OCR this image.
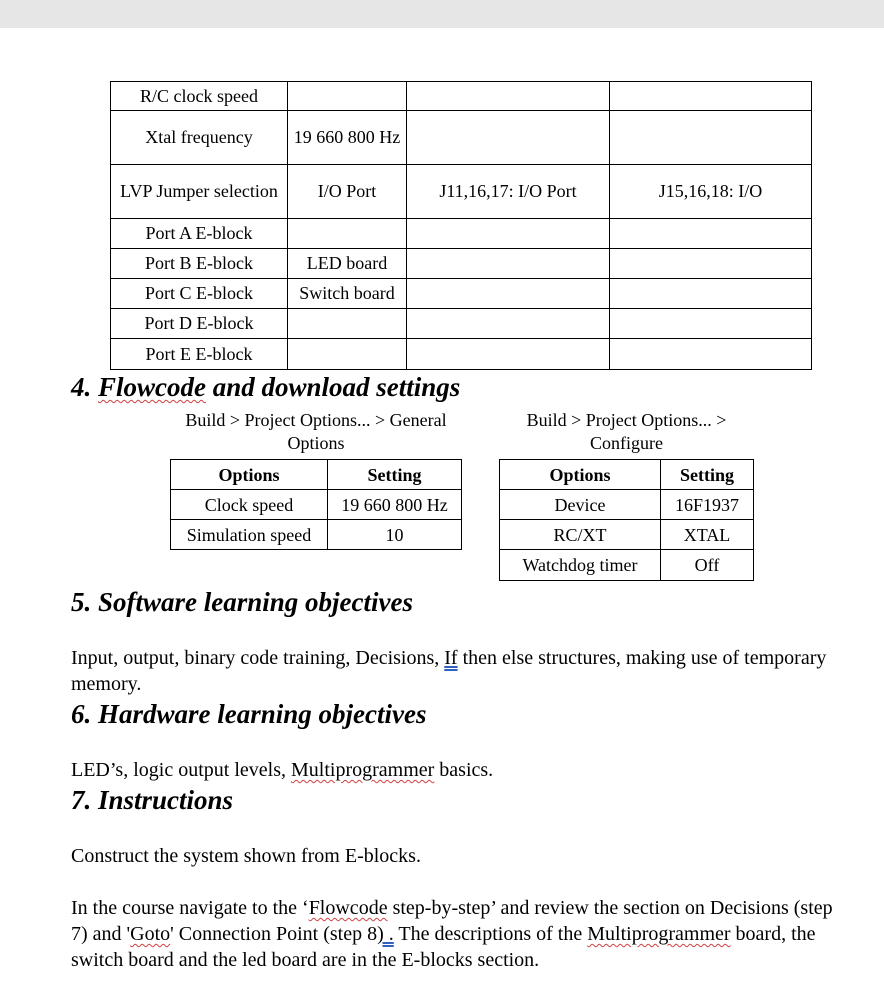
R/C clock speed			
Xtal frequency	19 660 800 Hz		
LVP Jumper selection	I/O Port	J11,16,17: I/O Port	J15,16,18: I/O
Port A E-block			
Port B E-block	LED board		
Port C E-block	Switch board		
Port D E-block			
Port E E-block			
4. Flowcode and download settings
Build > Project Options... > General Options
Build > Project Options... > Configure
Options	Setting
Clock speed	19 660 800 Hz
Simulation speed	10
Options	Setting
Device	16F1937
RC/XT	XTAL
Watchdog timer	Off
5. Software learning objectives

Input, output, binary code training, Decisions, If then else structures, making use of temporary memory.

6. Hardware learning objectives

LED’s, logic output levels, Multiprogrammer basics.

7. Instructions

Construct the system shown from E-blocks.

In the course navigate to the ‘Flowcode step-by-step’ and review the section on Decisions (step 7) and 'Goto' Connection Point (step 8) . The descriptions of the Multiprogrammer board, the switch board and the led board are in the E-blocks section.
